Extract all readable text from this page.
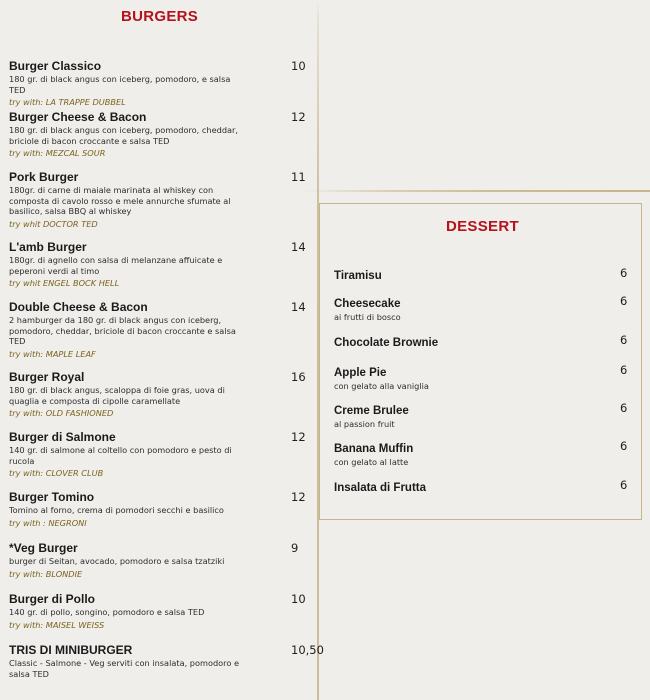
BURGERS
Burger Classico	10
180 gr. di black angus con iceberg, pomodoro, e salsa TED
try with: LA TRAPPE DUBBEL
Burger Cheese & Bacon	12
180 gr. di black angus con iceberg, pomodoro, cheddar, briciole di bacon croccante e salsa TED
try with: MEZCAL SOUR
Pork Burger	11
180gr. di carne di maiale marinata al whiskey con composta di cavolo rosso e mele annurche sfumate al basilico, salsa BBQ al whiskey
try whit DOCTOR TED
L'amb Burger	14
180gr. di agnello con salsa di melanzane affuicate e peperoni verdi al timo
try whit ENGEL BOCK HELL
Double Cheese & Bacon	14
2 hamburger da 180 gr. di black angus con iceberg, pomodoro, cheddar, briciole di bacon croccante e salsa TED
try with: MAPLE LEAF
Burger Royal	16
180 gr. di black angus, scaloppa di foie gras, uova di quaglia e composta di cipolle caramellate
try with: OLD FASHIONED
Burger di Salmone	12
140 gr. di salmone al coltello con pomodoro e pesto di rucola
try with: CLOVER CLUB
Burger Tomino	12
Tomino al forno, crema di pomodori secchi e basilico
try with : NEGRONI
*Veg Burger	9
burger di Seitan, avocado, pomodoro e salsa tzatziki
try with: BLONDIE
Burger di Pollo	10
140 gr. di pollo, songino, pomodoro e salsa TED
try with: MAISEL WEISS
TRIS DI MINIBURGER	10,50
Classic - Salmone - Veg serviti con insalata, pomodoro e salsa TED
DESSERT
Tiramisu	6
Cheesecake	6
ai frutti di bosco
Chocolate Brownie	6
Apple Pie	6
con gelato alla vaniglia
Creme Brulee	6
al passion fruit
Banana Muffin	6
con gelato al latte
Insalata di Frutta	6
